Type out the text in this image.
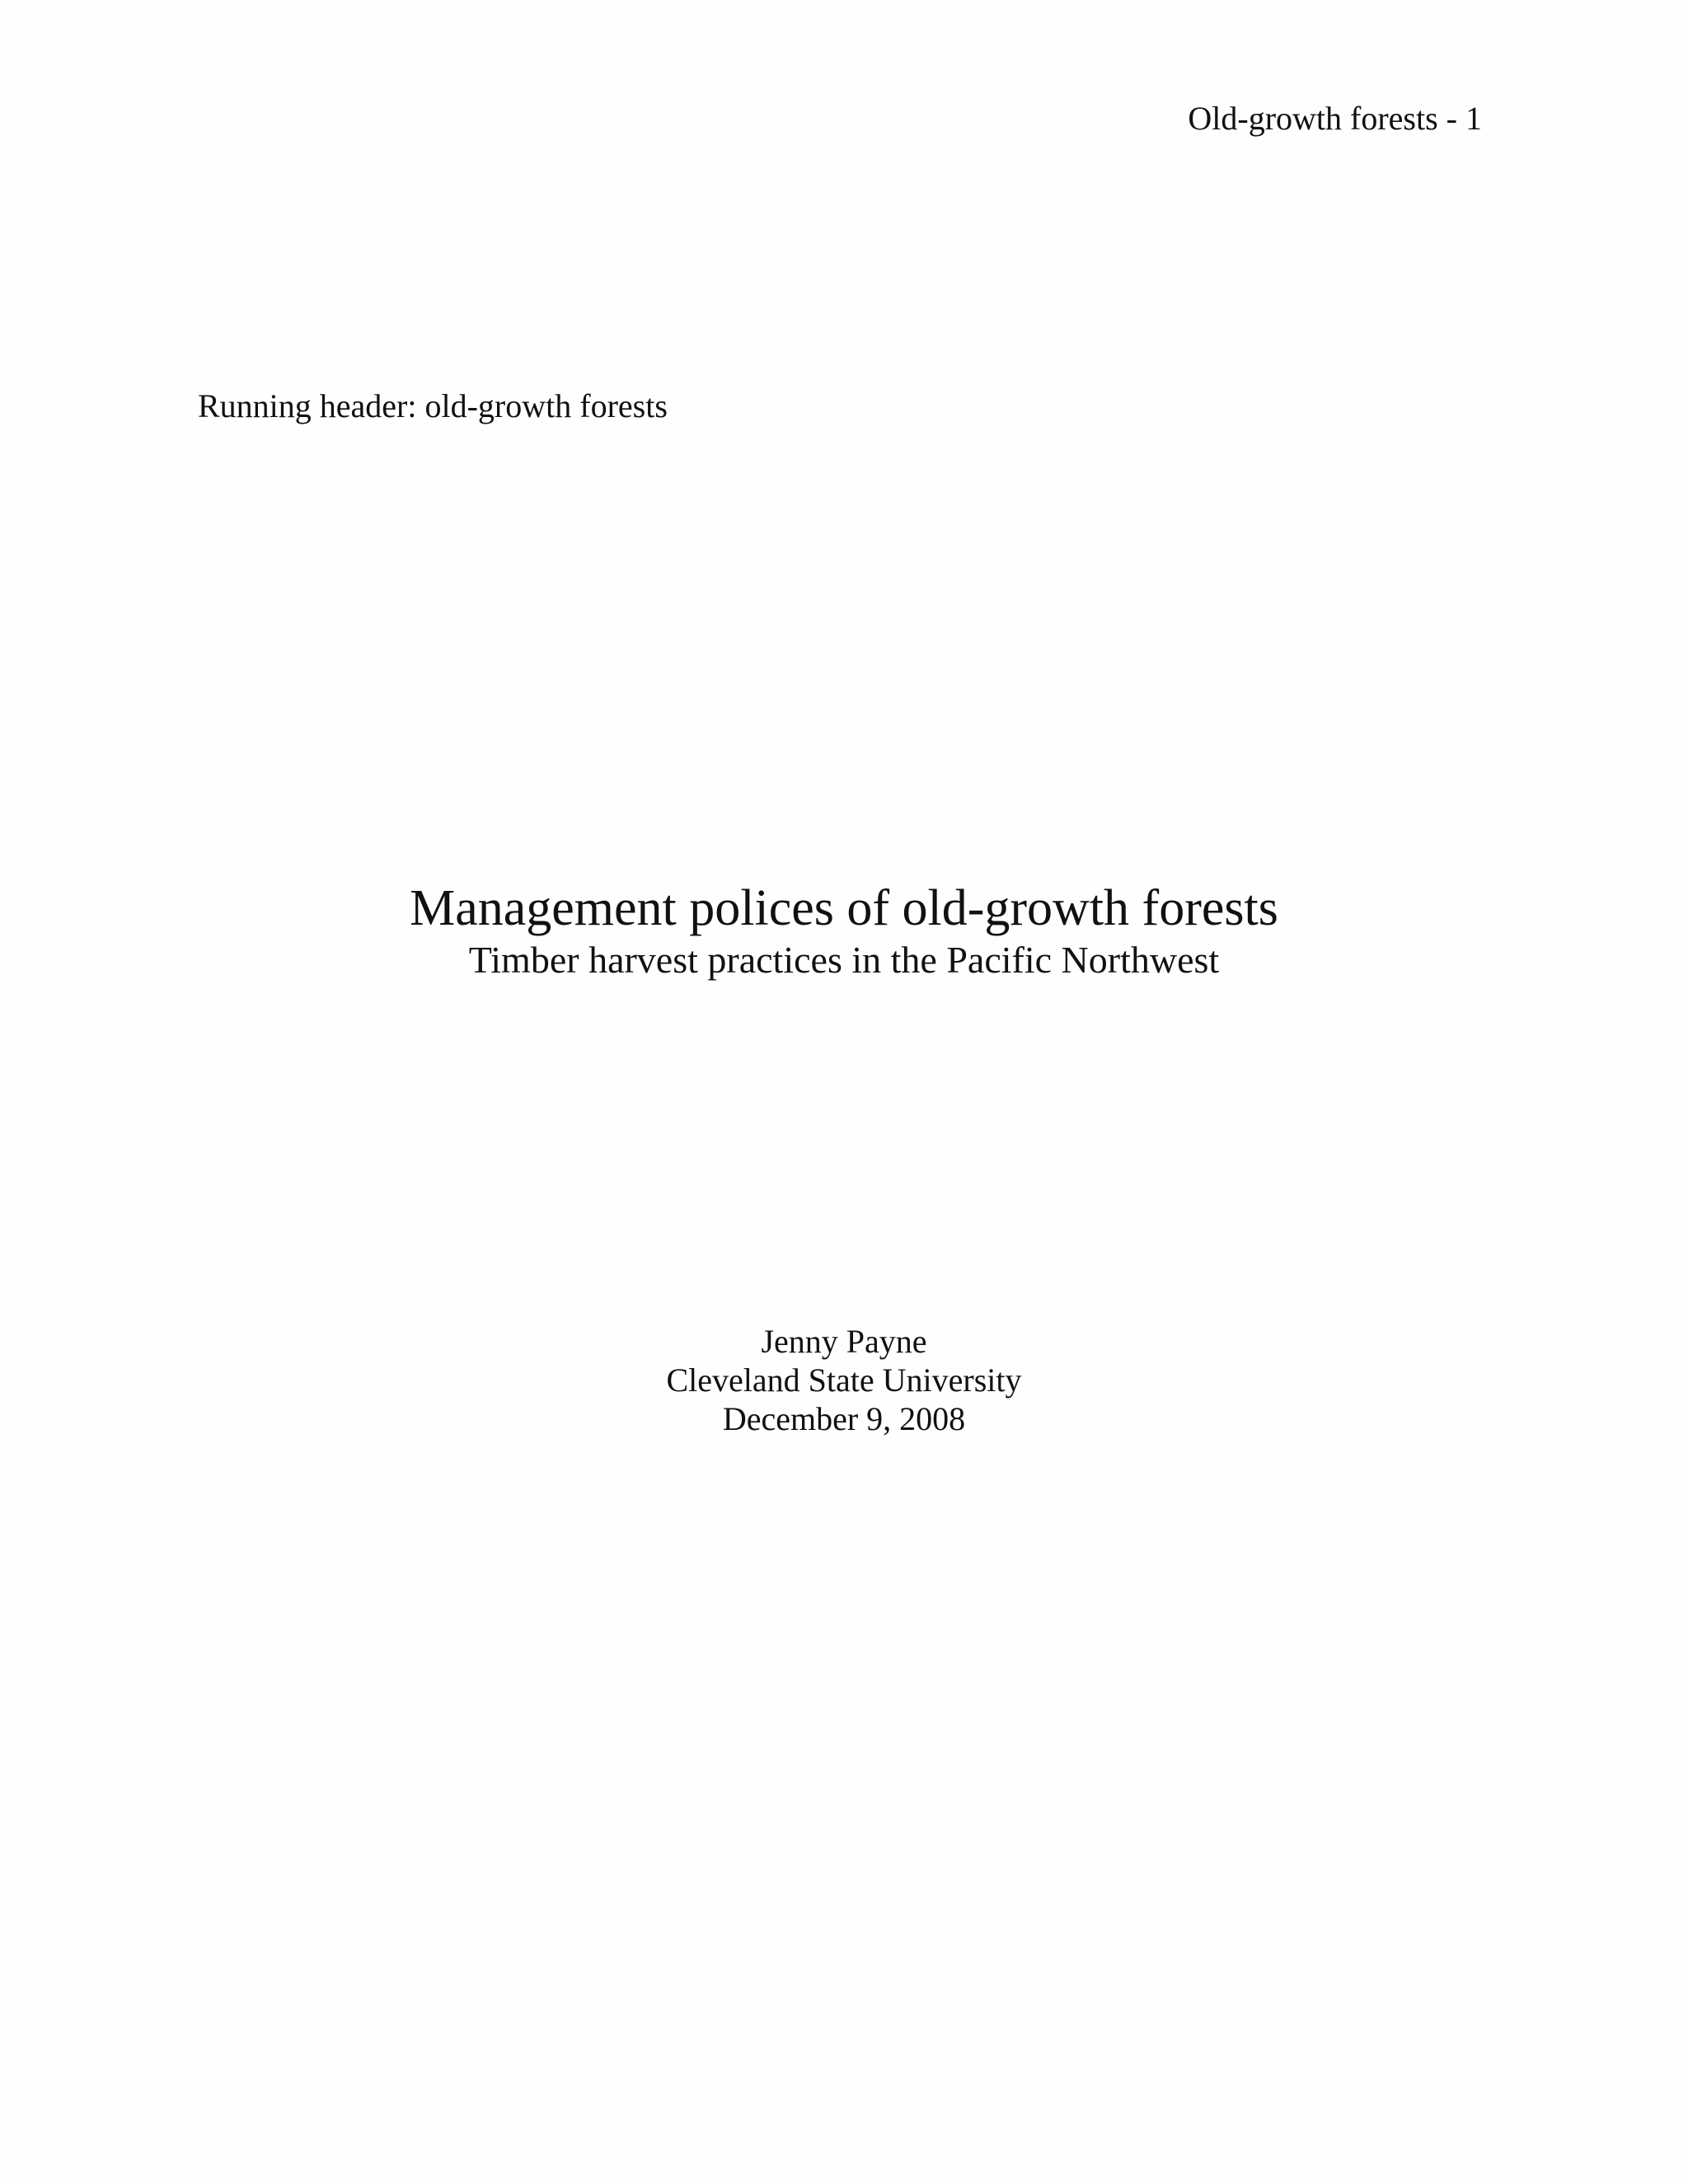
Old-growth forests - 1
Running header: old-growth forests
Management polices of old-growth forests
Timber harvest practices in the Pacific Northwest
Jenny Payne
Cleveland State University
December 9, 2008
